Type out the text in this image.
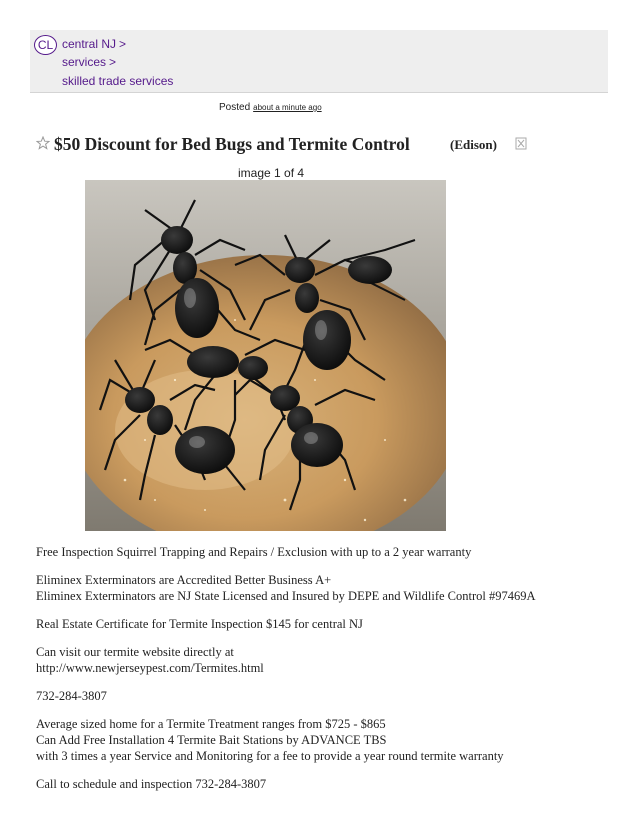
CL central NJ >
services >
skilled trade services
Posted about a minute ago
$50 Discount for Bed Bugs and Termite Control	(Edison)
image 1 of 4

Free Inspection Squirrel Trapping and Repairs / Exclusion with up to a 2 year warranty

Eliminex Exterminators are Accredited Better Business A+
Eliminex Exterminators are NJ State Licensed and Insured by DEPE and Wildlife Control #97469A

Real Estate Certificate for Termite Inspection $145 for central NJ

Can visit our termite website directly at
http://www.newjerseypest.com/Termites.html

732-284-3807

Average sized home for a Termite Treatment ranges from $725 - $865
Can Add Free Installation 4 Termite Bait Stations by ADVANCE TBS
with 3 times a year Service and Monitoring for a fee to provide a year round termite warranty

Call to schedule and inspection 732-284-3807
